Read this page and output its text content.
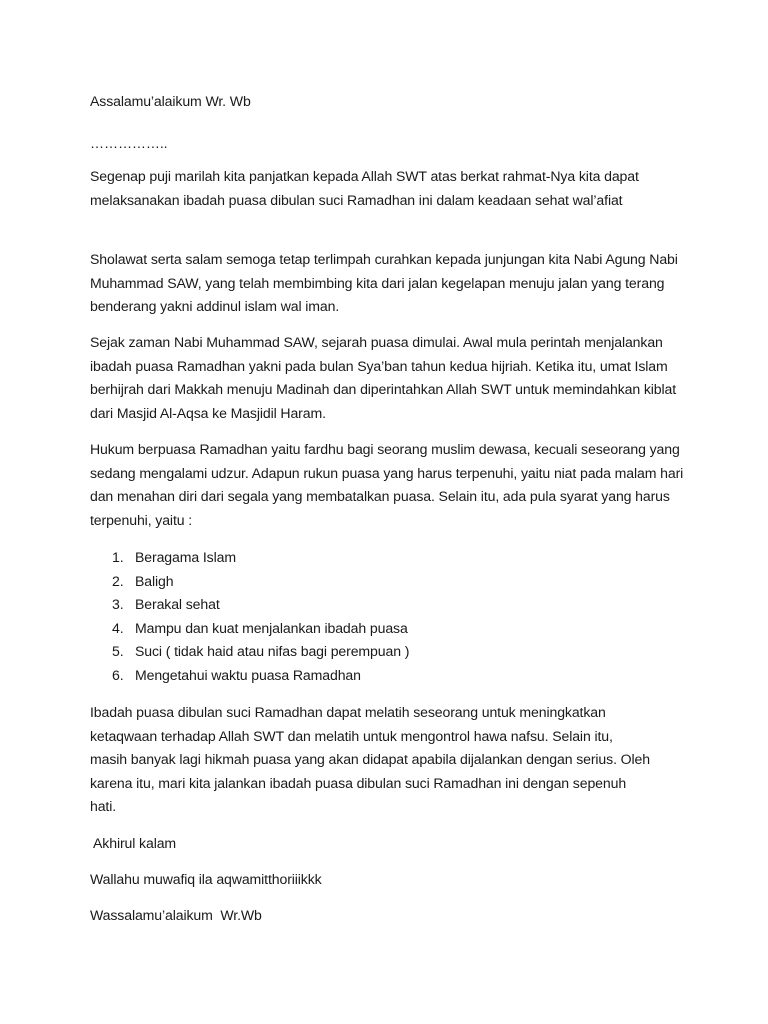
Assalamu’alaikum Wr. Wb

……………..

Segenap puji marilah kita panjatkan kepada Allah SWT atas berkat rahmat-Nya kita dapat melaksanakan ibadah puasa dibulan suci Ramadhan ini dalam keadaan sehat wal’afiat

Sholawat serta salam semoga tetap terlimpah curahkan kepada junjungan kita Nabi Agung Nabi Muhammad SAW, yang telah membimbing kita dari jalan kegelapan menuju jalan yang terang benderang yakni addinul islam wal iman.

Sejak zaman Nabi Muhammad SAW, sejarah puasa dimulai. Awal mula perintah menjalankan ibadah puasa Ramadhan yakni pada bulan Sya’ban tahun kedua hijriah. Ketika itu, umat Islam berhijrah dari Makkah menuju Madinah dan diperintahkan Allah SWT untuk memindahkan kiblat dari Masjid Al-Aqsa ke Masjidil Haram.

Hukum berpuasa Ramadhan yaitu fardhu bagi seorang muslim dewasa, kecuali seseorang yang sedang mengalami udzur. Adapun rukun puasa yang harus terpenuhi, yaitu niat pada malam hari dan menahan diri dari segala yang membatalkan puasa. Selain itu, ada pula syarat yang harus terpenuhi, yaitu :

1. Beragama Islam
2. Baligh
3. Berakal sehat
4. Mampu dan kuat menjalankan ibadah puasa
5. Suci ( tidak haid atau nifas bagi perempuan )
6. Mengetahui waktu puasa Ramadhan

Ibadah puasa dibulan suci Ramadhan dapat melatih seseorang untuk meningkatkan ketaqwaan terhadap Allah SWT dan melatih untuk mengontrol hawa nafsu. Selain itu, masih banyak lagi hikmah puasa yang akan didapat apabila dijalankan dengan serius. Oleh karena itu, mari kita jalankan ibadah puasa dibulan suci Ramadhan ini dengan sepenuh hati.

Akhirul kalam

Wallahu muwafiq ila aqwamitthoriiikkk

Wassalamu’alaikum  Wr.Wb
